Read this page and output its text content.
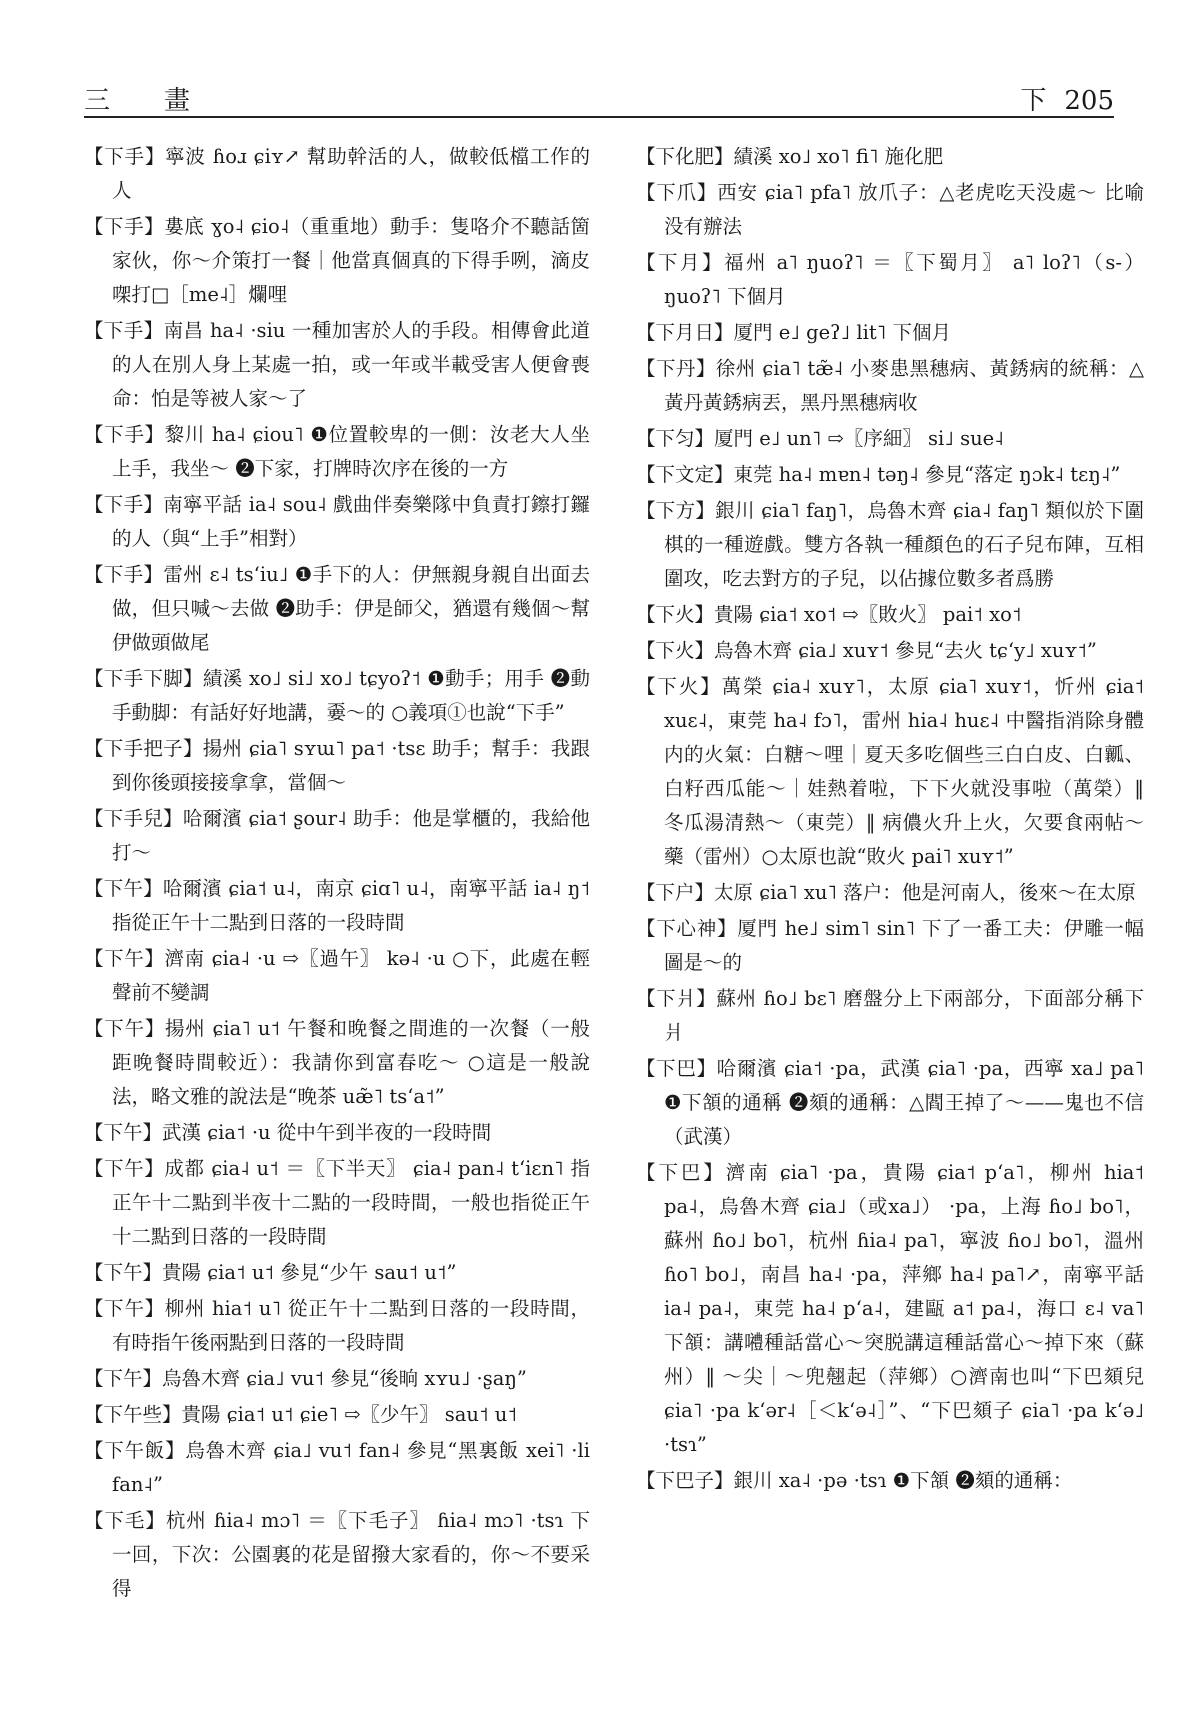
三　畫	下 205

【下手】寧波 ɦoɹ ɕiʏ↗ 幫助幹活的人，做較低檔工作的人

【下手】婁底 ɣo˨ ɕio˨（重重地）動手：隻咯介不聽話箇家伙，你～介策打一餐｜他當真個真的下得手咧，滴皮㗎打□［me˨］爛哩

【下手】南昌 ha˨ ·siu 一種加害於人的手段。相傳會此道的人在別人身上某處一拍，或一年或半載受害人便會喪命：怕是等被人家～了

【下手】黎川 ha˨ ɕiou˥ ❶位置較卑的一側：汝老大人坐上手，我坐～ ❷下家，打牌時次序在後的一方

【下手】南寧平話 ia˨ sou˨ 戲曲伴奏樂隊中負責打鑔打鑼的人（與“上手”相對）

【下手】雷州 ɛ˨ tsʻiu˩ ❶手下的人：伊無親身親自出面去做，但只喊～去做 ❷助手：伊是師父，猶還有幾個～幫伊做頭做尾

【下手下脚】績溪 xo˩ si˩ xo˩ tɕyoʔ˦ ❶動手；用手 ❷動手動脚：有話好好地講，嫑～的 ○義項①也說“下手”

【下手把子】揚州 ɕia˥ sʏɯ˥ pa˦ ·tsɛ 助手；幫手：我跟到你後頭接接拿拿，當個～

【下手兒】哈爾濱 ɕia˦ ʂour˨ 助手：他是掌櫃的，我給他打～

【下午】哈爾濱 ɕia˦ u˨，南京 ɕiɑ˥ u˨，南寧平話 ia˨ ŋ˦ 指從正午十二點到日落的一段時間

【下午】濟南 ɕia˨ ·u ⇨〖過午〗 kə˨ ·u ○下，此處在輕聲前不變調

【下午】揚州 ɕia˥ u˦ 午餐和晚餐之間進的一次餐（一般距晚餐時間較近）：我請你到富春吃～ ○這是一般說法，略文雅的說法是“晚茶 uæ̃˥ tsʻa˦”

【下午】武漢 ɕia˦ ·u 從中午到半夜的一段時間

【下午】成都 ɕia˨ u˦ ＝〖下半天〗 ɕia˨ pan˨ tʻiɛn˥ 指正午十二點到半夜十二點的一段時間，一般也指從正午十二點到日落的一段時間

【下午】貴陽 ɕia˦ u˦ 參見“少午 sau˦ u˦”

【下午】柳州 hia˦ u˥ 從正午十二點到日落的一段時間，有時指午後兩點到日落的一段時間

【下午】烏魯木齊 ɕia˩ vu˦ 參見“後晌 xʏu˩ ·ʂaŋ”

【下午些】貴陽 ɕia˦ u˦ ɕie˥ ⇨〖少午〗 sau˦ u˦

【下午飯】烏魯木齊 ɕia˩ vu˦ fan˨ 參見“黑裏飯 xei˥ ·li fan˨”

【下毛】杭州 ɦia˨ mɔ˥ ＝〖下毛子〗 ɦia˨ mɔ˥ ·tsɿ 下一回，下次：公園裏的花是留撥大家看的，你～不要采得

【下化肥】績溪 xo˩ xo˥ fi˥ 施化肥

【下爪】西安 ɕia˥ pfa˥ 放爪子：△老虎吃天没處～ 比喻没有辦法

【下月】福州 a˥ ŋuoʔ˥ ＝〖下蜀月〗 a˥ loʔ˥（s-）ŋuoʔ˥ 下個月

【下月日】厦門 e˩ geʔ˩ lit˥ 下個月

【下丹】徐州 ɕia˥ tæ̃˨ 小麥患黑穗病、黃銹病的統稱：△黃丹黃銹病丟，黑丹黑穗病收

【下匀】厦門 e˩ un˥ ⇨〖序細〗 si˩ sue˨

【下文定】東莞 ha˨ mɐn˨ təŋ˨ 參見“落定 ŋɔk˨ tɛŋ˨”

【下方】銀川 ɕia˥ faŋ˥，烏魯木齊 ɕia˨ faŋ˥ 類似於下圍棋的一種遊戲。雙方各執一種顏色的石子兒布陣，互相圍攻，吃去對方的子兒，以佔據位數多者爲勝

【下火】貴陽 ɕia˦ xo˦ ⇨〖敗火〗 pai˦ xo˦

【下火】烏魯木齊 ɕia˩ xuʏ˦ 參見“去火 tɕʻy˩ xuʏ˦”

【下火】萬榮 ɕia˨ xuʏ˥，太原 ɕia˥ xuʏ˦，忻州 ɕia˦ xuɛ˨，東莞 ha˨ fɔ˥，雷州 hia˨ huɛ˨ 中醫指消除身體内的火氣：白糖～哩｜夏天多吃個些三白白皮、白瓤、白籽西瓜能～｜娃熱着啦，下下火就没事啦（萬榮）‖ 冬瓜湯清熱～（東莞）‖ 病儂火升上火，欠要食兩帖～藥（雷州）○太原也說“敗火 pai˥ xuʏ˦”

【下户】太原 ɕia˥ xu˥ 落户：他是河南人，後來～在太原

【下心神】厦門 he˩ sim˥ sin˥ 下了一番工夫：伊雕一幅圖是～的

【下爿】蘇州 ɦo˩ bɛ˥ 磨盤分上下兩部分，下面部分稱下爿

【下巴】哈爾濱 ɕia˦ ·pa，武漢 ɕia˥ ·pa，西寧 xa˩ pa˥ ❶下頷的通稱 ❷頦的通稱：△閻王掉了～——鬼也不信（武漢）

【下巴】濟南 ɕia˥ ·pa，貴陽 ɕia˦ pʻa˥，柳州 hia˦ pa˨，烏魯木齊 ɕia˩（或xa˩） ·pa，上海 ɦo˩ bo˥，蘇州 ɦo˩ bo˥，杭州 ɦia˨ pa˥，寧波 ɦo˩ bo˥，溫州 ɦo˥ bo˩，南昌 ha˨ ·pa，萍鄉 ha˨ pa˥↗，南寧平話 ia˨ pa˨，東莞 ha˨ pʻa˨，建甌 a˦ pa˨，海口 ɛ˨ va˥ 下頷：講𡅏種話當心～突脱講這種話當心～掉下來（蘇州）‖ ～尖｜～兜翹起（萍鄉）○濟南也叫“下巴頦兒 ɕia˥ ·pa kʻər˨［＜kʻə˨］”、“下巴頦子 ɕia˥ ·pa kʻə˩ ·tsɿ”

【下巴子】銀川 xa˨ ·pə ·tsɿ ❶下頷 ❷頦的通稱：
